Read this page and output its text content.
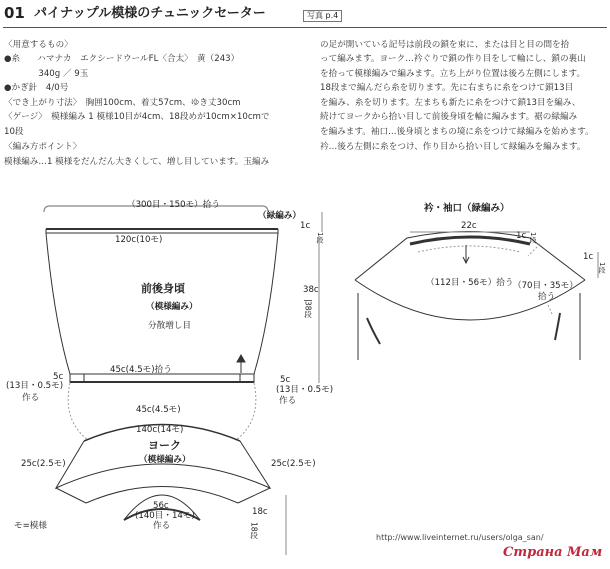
01 パイナップル模様のチュニックセーター	写真 p.4
〈用意するもの〉
●糸　　ハマナカ　エクシードウールFL〈合太〉　黄（243）
　　　　340g ／ 9玉
●かぎ針　4/0号
〈でき上がり寸法〉　胸囲100cm、着丈57cm、ゆき丈30cm
〈ゲージ〉　模様編み 1 模様10目が4cm、18段めが10cm×10cmで
10段
〈編み方ポイント〉
模様編み…1 模様をだんだん大きくして、増し目しています。玉編み
の足が開いている記号は前段の鎖を束に、または目と目の間を拾
って編みます。ヨーク…衿ぐりで鎖の作り目をして輪にし、鎖の裏山
を拾って模様編みで編みます。立ち上がり位置は後ろ左側にします。
18段まで編んだら糸を切ります。先に右まちに糸をつけて鎖13目
を編み、糸を切ります。左まちも新たに糸をつけて鎖13目を編み、
続けてヨークから拾い目して前後身頃を輪に編みます。裾の緑編み
を編みます。袖口…後身頃とまちの境に糸をつけて緑編みを始めます。
衿…後ろ左側に糸をつけ、作り目から拾い目して緑編みを編みます。
（300目・150モ）拾う
（緑編み）
1c
1段
120c(10モ)
前後身頃
（模様編み）
分散増し目
38c
38段
45c(4.5モ)拾う
5c
(13目・0.5モ)
作る
5c
(13目・0.5モ)
作る
45c(4.5モ)
140c(14モ)
ヨーク
（模様編み）
25c(2.5モ)	25c(2.5モ)
56c
(140目・14モ)
作る
18c
18段
衿・袖口（緑編み）
22c
（112目・56モ）拾う
1c 1段
（70目・35モ）
拾う
1c
1段
モ=模様
http://www.liveinternet.ru/users/olga_san/
Страна Мам
